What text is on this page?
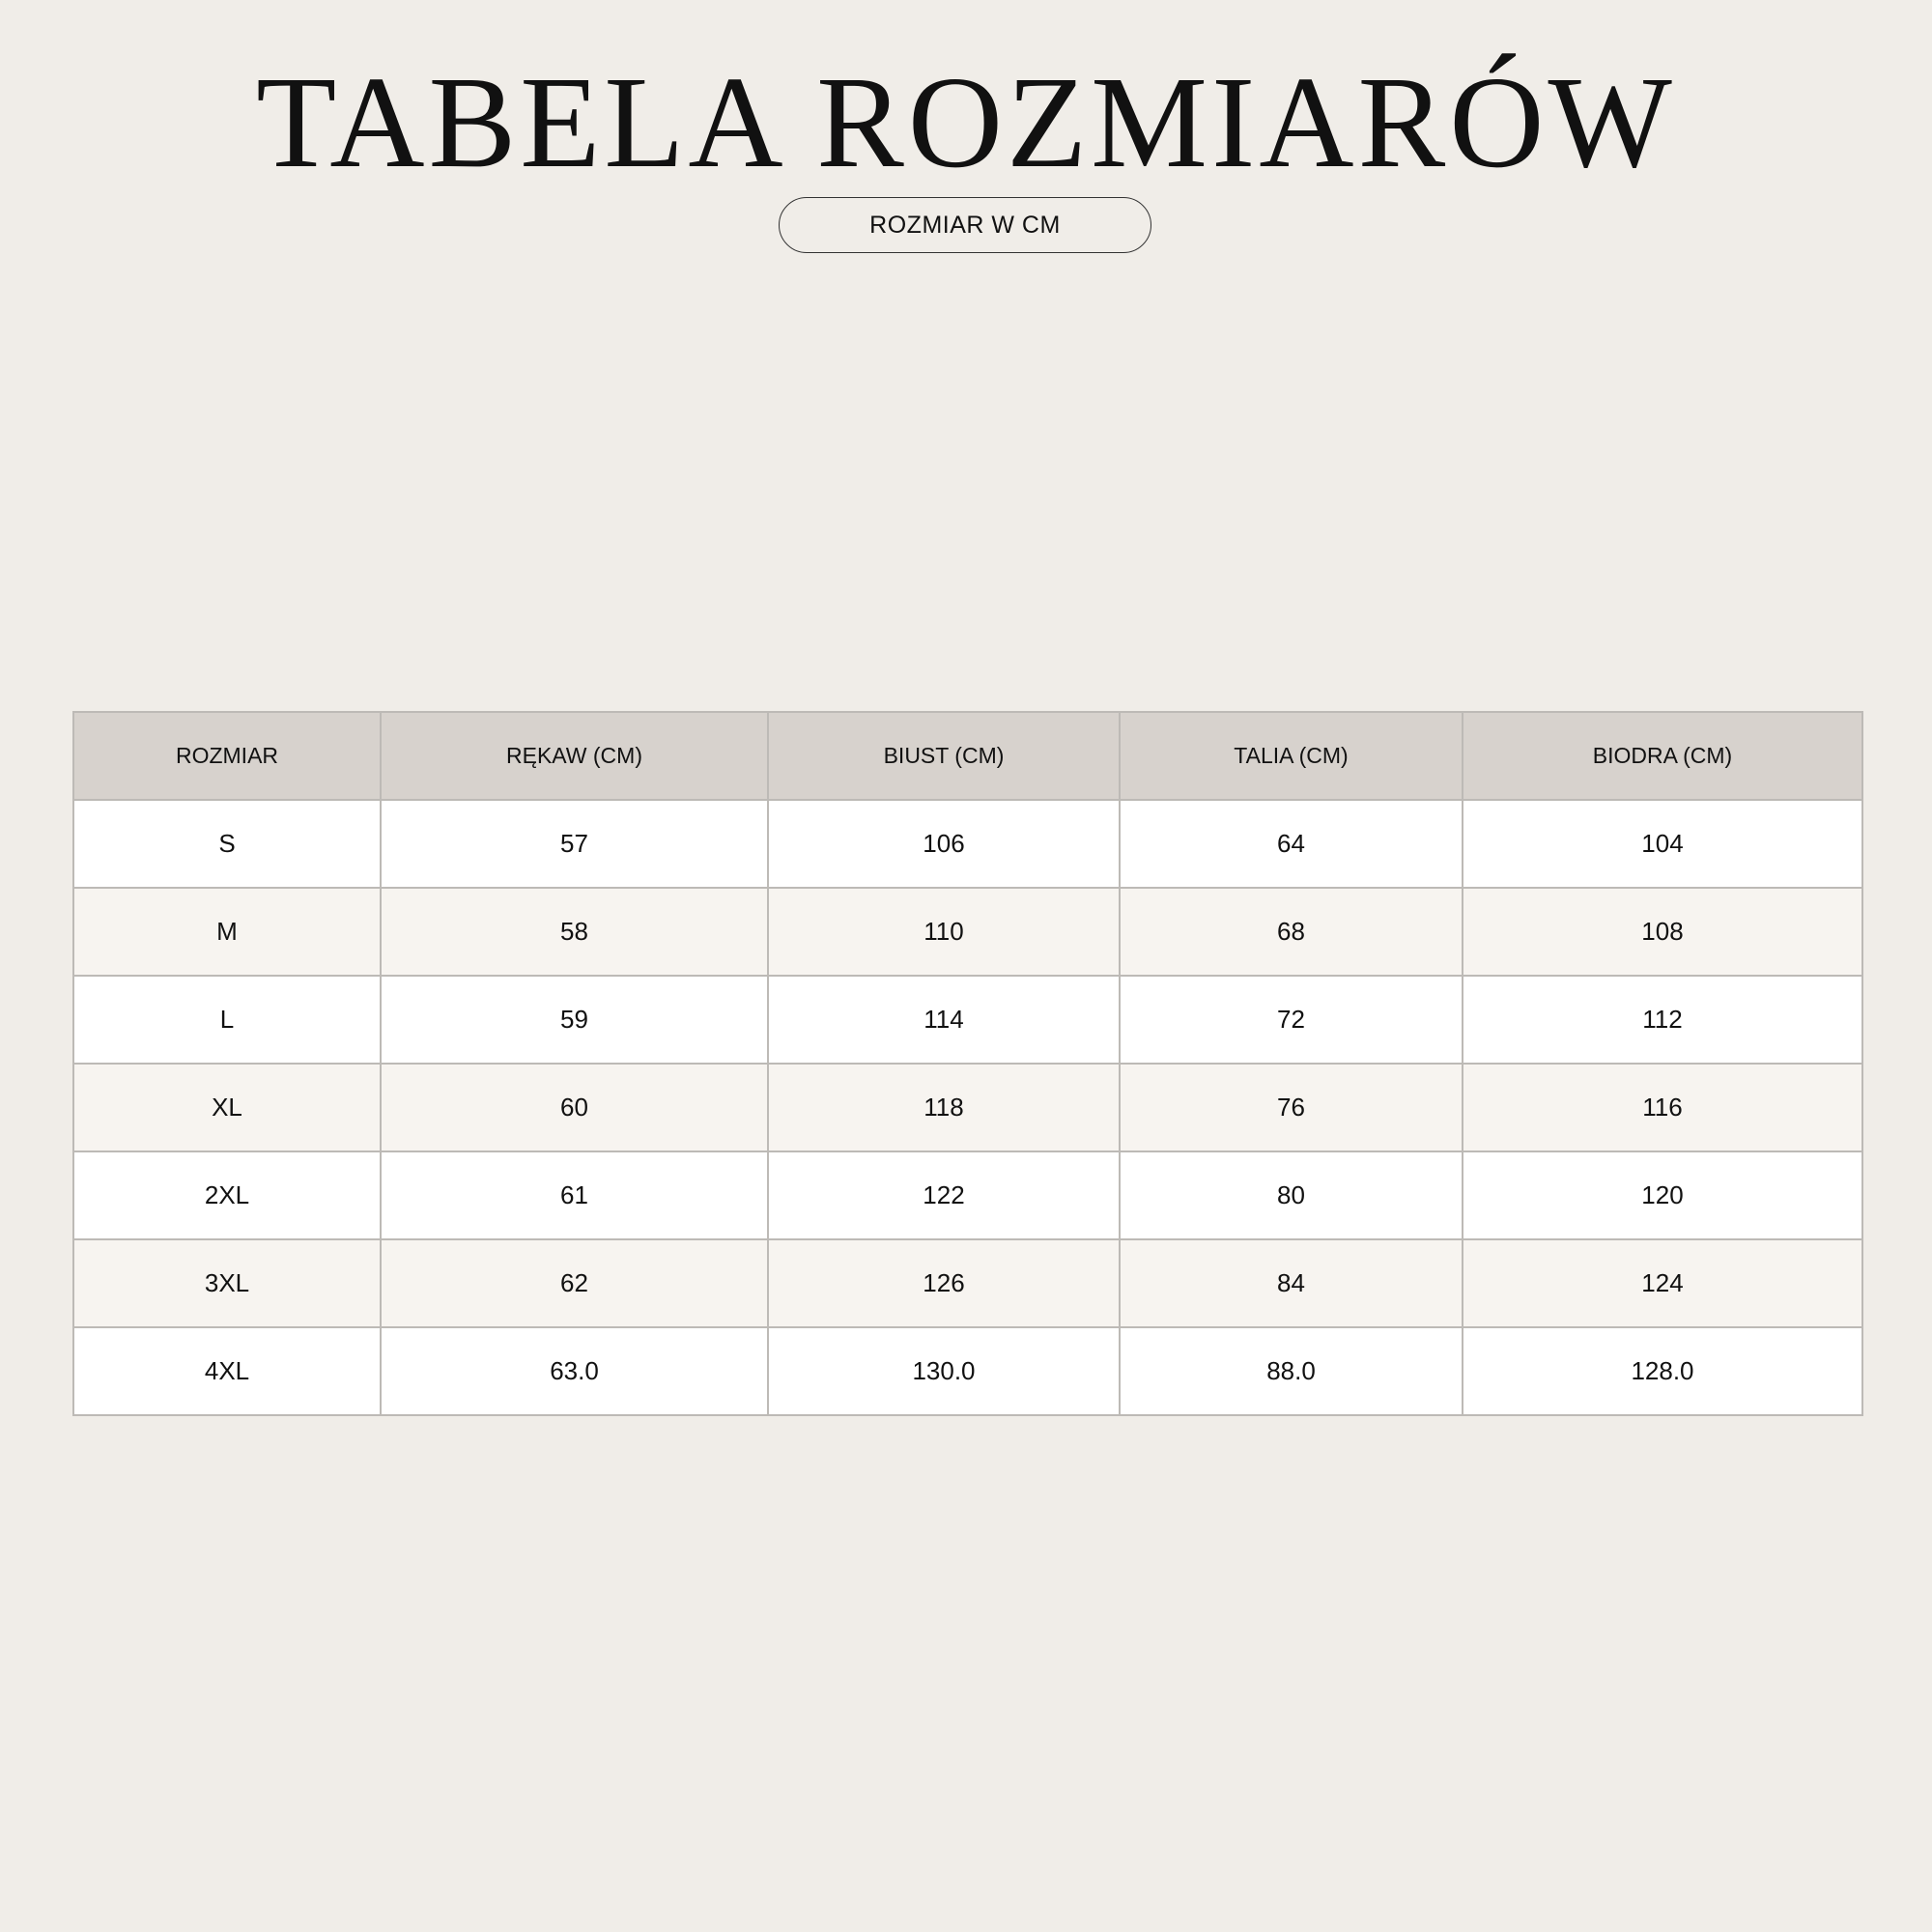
TABELA ROZMIARÓW
ROZMIAR W CM
ROZMIAR	RĘKAW (CM)	BIUST (CM)	TALIA (CM)	BIODRA (CM)
S	57	106	64	104
M	58	110	68	108
L	59	114	72	112
XL	60	118	76	116
2XL	61	122	80	120
3XL	62	126	84	124
4XL	63.0	130.0	88.0	128.0
